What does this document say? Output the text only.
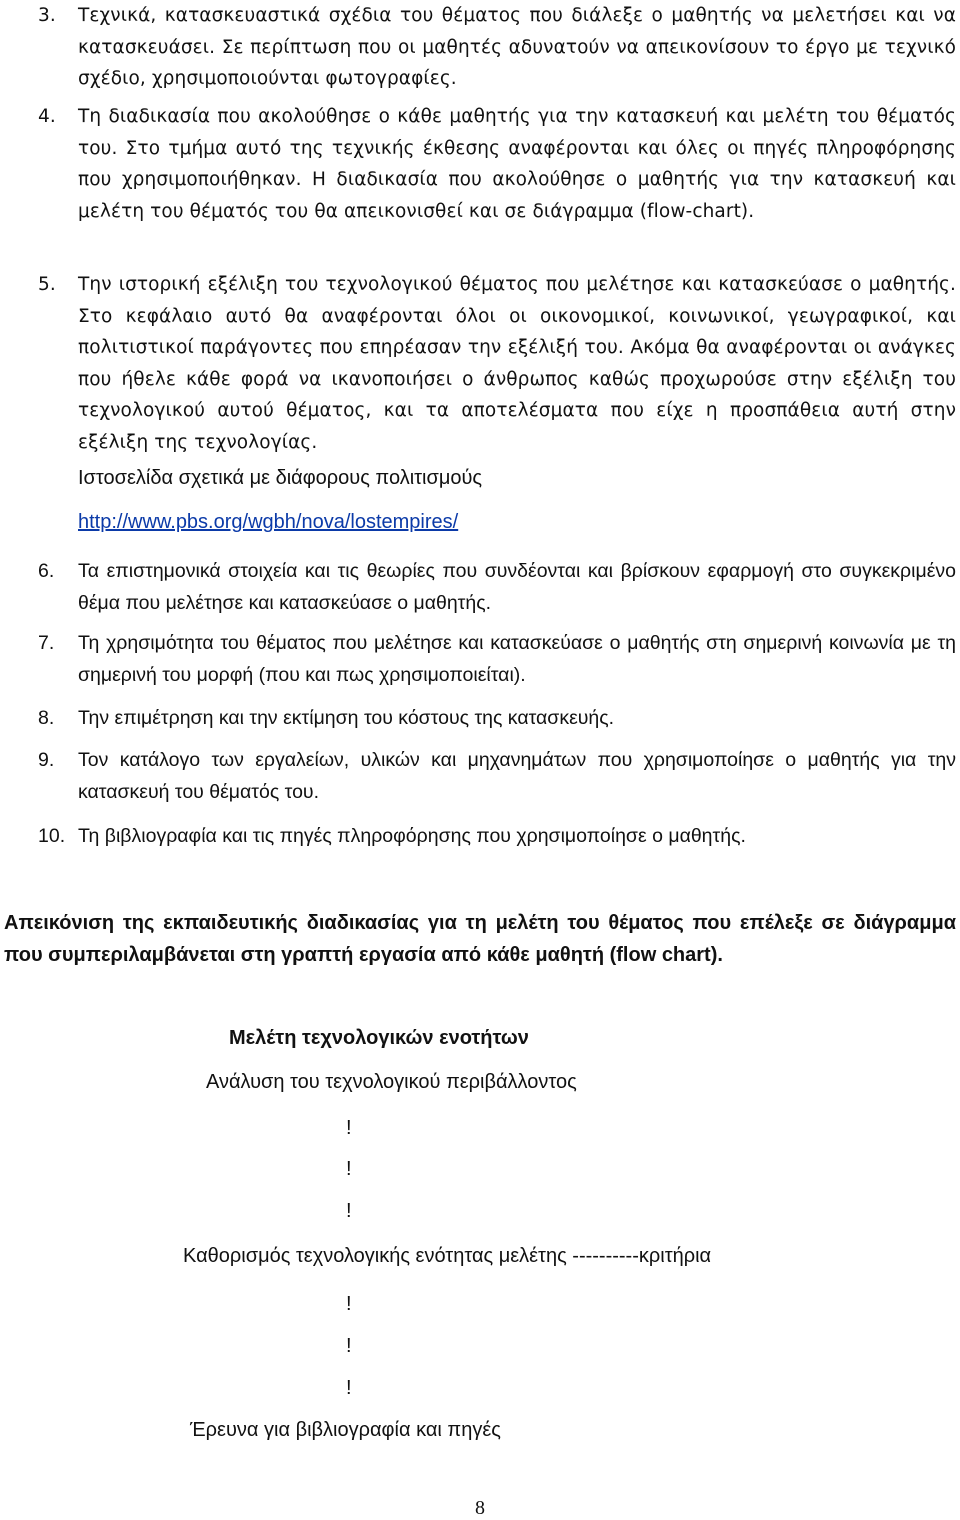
3.	Τεχνικά, κατασκευαστικά σχέδια του θέματος που διάλεξε ο μαθητής να μελετήσει και να κατασκευάσει. Σε περίπτωση που οι μαθητές αδυνατούν να απεικονίσουν το έργο με τεχνικό σχέδιο, χρησιμοποιούνται φωτογραφίες.
4.	Τη διαδικασία που ακολούθησε ο κάθε μαθητής για την κατασκευή και μελέτη του θέματός του. Στο τμήμα αυτό της τεχνικής έκθεσης αναφέρονται και όλες οι πηγές πληροφόρησης που χρησιμοποιήθηκαν. Η διαδικασία που ακολούθησε ο μαθητής για την κατασκευή και μελέτη του θέματός του θα απεικονισθεί και σε διάγραμμα (flow-chart).
5.	Την ιστορική εξέλιξη του τεχνολογικού θέματος που μελέτησε και κατασκεύασε ο μαθητής. Στο κεφάλαιο αυτό θα αναφέρονται όλοι οι οικονομικοί, κοινωνικοί, γεωγραφικοί, και πολιτιστικοί παράγοντες που επηρέασαν την εξέλιξή του. Ακόμα θα αναφέρονται οι ανάγκες που ήθελε κάθε φορά να ικανοποιήσει ο άνθρωπος καθώς προχωρούσε στην εξέλιξη του τεχνολογικού αυτού θέματος, και τα αποτελέσματα που είχε η προσπάθεια αυτή στην εξέλιξη της τεχνολογίας.
Ιστοσελίδα σχετικά με διάφορους πολιτισμούς
http://www.pbs.org/wgbh/nova/lostempires/
6.	Τα επιστημονικά στοιχεία και τις θεωρίες που συνδέονται και βρίσκουν εφαρμογή στο συγκεκριμένο θέμα που μελέτησε και κατασκεύασε ο μαθητής.
7.	Τη χρησιμότητα του θέματος που μελέτησε και κατασκεύασε ο μαθητής στη σημερινή κοινωνία με τη σημερινή του μορφή (που και πως χρησιμοποιείται).
8.	Την επιμέτρηση και την εκτίμηση του κόστους της κατασκευής.
9.	Τον κατάλογο των εργαλείων, υλικών και μηχανημάτων που χρησιμοποίησε ο μαθητής για την κατασκευή του θέματός του.
10. Τη βιβλιογραφία και τις πηγές πληροφόρησης που χρησιμοποίησε ο μαθητής.
Απεικόνιση της εκπαιδευτικής διαδικασίας για τη μελέτη του θέματος που επέλεξε σε διάγραμμα που συμπεριλαμβάνεται στη γραπτή εργασία από κάθε μαθητή (flow chart).
Μελέτη τεχνολογικών ενοτήτων
Ανάλυση του τεχνολογικού περιβάλλοντος
!
!
!
Καθορισμός τεχνολογικής ενότητας μελέτης ----------κριτήρια
!
!
!
Έρευνα για βιβλιογραφία και πηγές
8
